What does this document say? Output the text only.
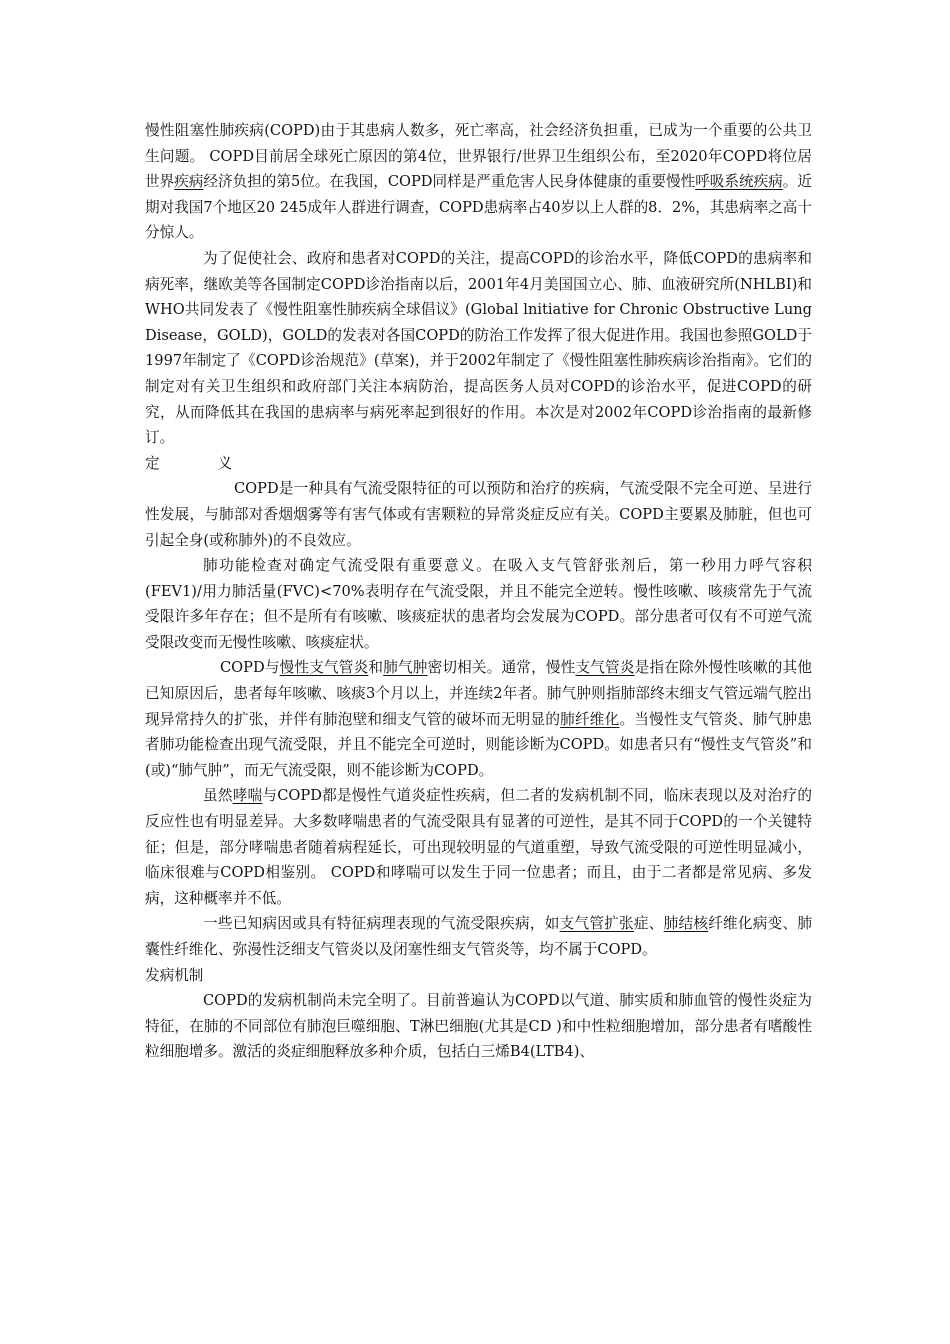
慢性阻塞性肺疾病(COPD)由于其患病人数多，死亡率高，社会经济负担重，已成为一个重要的公共卫生问题。 COPD目前居全球死亡原因的第4位，世界银行/世界卫生组织公布，至2020年COPD将位居世界疾病经济负担的第5位。在我国，COPD同样是严重危害人民身体健康的重要慢性呼吸系统疾病。近期对我国7个地区20 245成年人群进行调查，COPD患病率占40岁以上人群的8．2%，其患病率之高十分惊人。

为了促使社会、政府和患者对COPD的关注，提高COPD的诊治水平，降低COPD的患病率和病死率，继欧美等各国制定COPD诊治指南以后，2001年4月美国国立心、肺、血液研究所(NHLBI)和WHO共同发表了《慢性阻塞性肺疾病全球倡议》(Global lnitiative for Chronic Obstructive Lung Disease，GOLD)，GOLD的发表对各国COPD的防治工作发挥了很大促进作用。我国也参照GOLD于1997年制定了《COPD诊治规范》(草案)，并于2002年制定了《慢性阻塞性肺疾病诊治指南》。它们的制定对有关卫生组织和政府部门关注本病防治，提高医务人员对COPD的诊治水平，促进COPD的研究，从而降低其在我国的患病率与病死率起到很好的作用。本次是对2002年COPD诊治指南的最新修订。

定	义

COPD是一种具有气流受限特征的可以预防和治疗的疾病，气流受限不完全可逆、呈进行性发展，与肺部对香烟烟雾等有害气体或有害颗粒的异常炎症反应有关。COPD主要累及肺脏，但也可引起全身(或称肺外)的不良效应。

肺功能检查对确定气流受限有重要意义。在吸入支气管舒张剂后，第一秒用力呼气容积(FEV1)/用力肺活量(FVC)<70%表明存在气流受限，并且不能完全逆转。慢性咳嗽、咳痰常先于气流受限许多年存在；但不是所有有咳嗽、咳痰症状的患者均会发展为COPD。部分患者可仅有不可逆气流受限改变而无慢性咳嗽、咳痰症状。

COPD与慢性支气管炎和肺气肿密切相关。通常，慢性支气管炎是指在除外慢性咳嗽的其他已知原因后，患者每年咳嗽、咳痰3个月以上，并连续2年者。肺气肿则指肺部终末细支气管远端气腔出现异常持久的扩张，并伴有肺泡壁和细支气管的破坏而无明显的肺纤维化。当慢性支气管炎、肺气肿患者肺功能检查出现气流受限，并且不能完全可逆时，则能诊断为COPD。如患者只有“慢性支气管炎”和(或)“肺气肿”，而无气流受限，则不能诊断为COPD。

虽然哮喘与COPD都是慢性气道炎症性疾病，但二者的发病机制不同，临床表现以及对治疗的反应性也有明显差异。大多数哮喘患者的气流受限具有显著的可逆性，是其不同于COPD的一个关键特征；但是，部分哮喘患者随着病程延长，可出现较明显的气道重塑，导致气流受限的可逆性明显减小，临床很难与COPD相鉴别。 COPD和哮喘可以发生于同一位患者；而且，由于二者都是常见病、多发病，这种概率并不低。

一些已知病因或具有特征病理表现的气流受限疾病，如支气管扩张症、肺结核纤维化病变、肺囊性纤维化、弥漫性泛细支气管炎以及闭塞性细支气管炎等，均不属于COPD。

发病机制

COPD的发病机制尚未完全明了。目前普遍认为COPD以气道、肺实质和肺血管的慢性炎症为特征，在肺的不同部位有肺泡巨噬细胞、T淋巴细胞(尤其是CD )和中性粒细胞增加，部分患者有嗜酸性粒细胞增多。激活的炎症细胞释放多种介质，包括白三烯B4(LTB4)、
